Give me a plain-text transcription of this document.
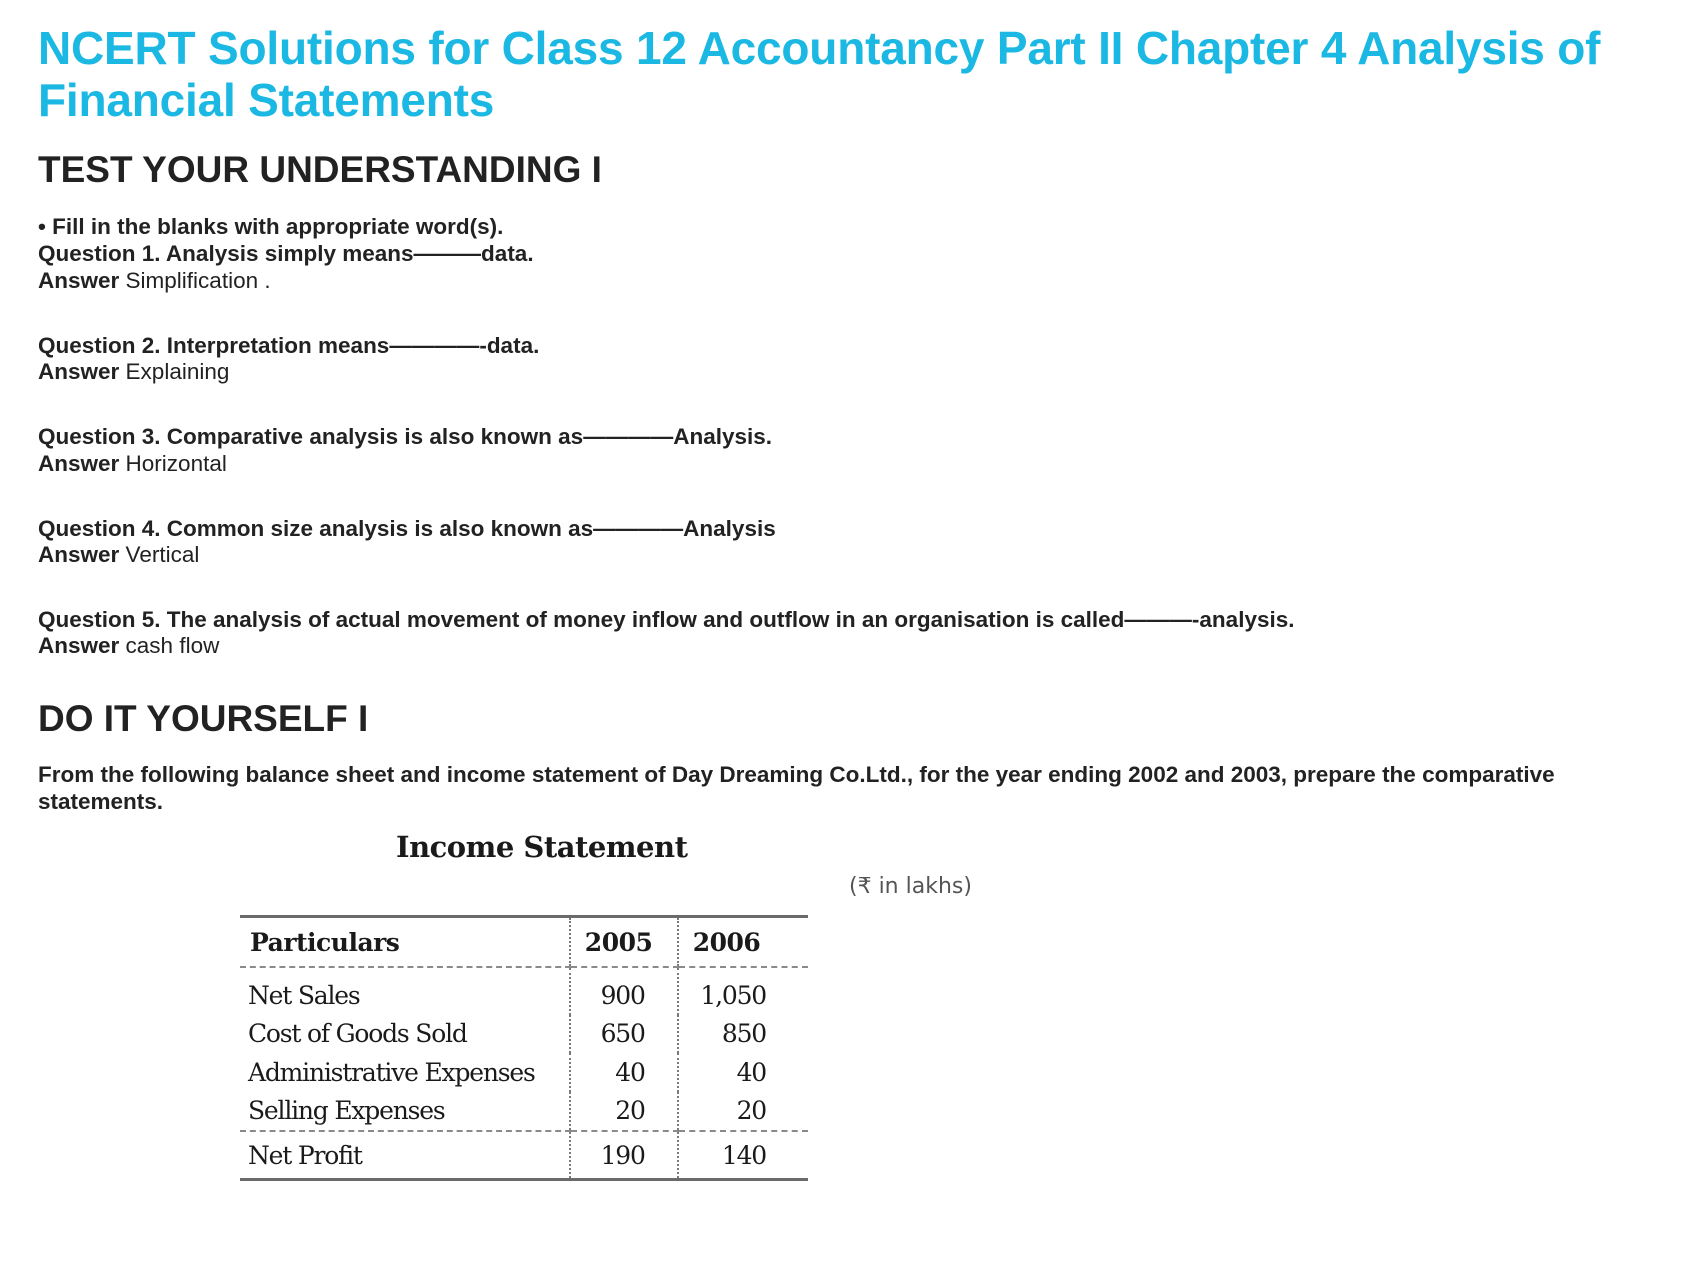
NCERT Solutions for Class 12 Accountancy Part II Chapter 4 Analysis of Financial Statements
TEST YOUR UNDERSTANDING I
• Fill in the blanks with appropriate word(s).
Question 1. Analysis simply means———data.
Answer Simplification .
Question 2. Interpretation means————-data.
Answer Explaining
Question 3. Comparative analysis is also known as————Analysis.
Answer Horizontal
Question 4. Common size analysis is also known as————Analysis
Answer Vertical
Question 5. The analysis of actual movement of money inflow and outflow in an organisation is called———-analysis.
Answer cash flow
DO IT YOURSELF I

From the following balance sheet and income statement of Day Dreaming Co.Ltd., for the year ending 2002 and 2003, prepare the comparative statements.

Income Statement
(₹ in lakhs)
Particulars	2005	2006
Net Sales	900	1,050
Cost of Goods Sold	650	850
Administrative Expenses	40	40
Selling Expenses	20	20
Net Profit	190	140
